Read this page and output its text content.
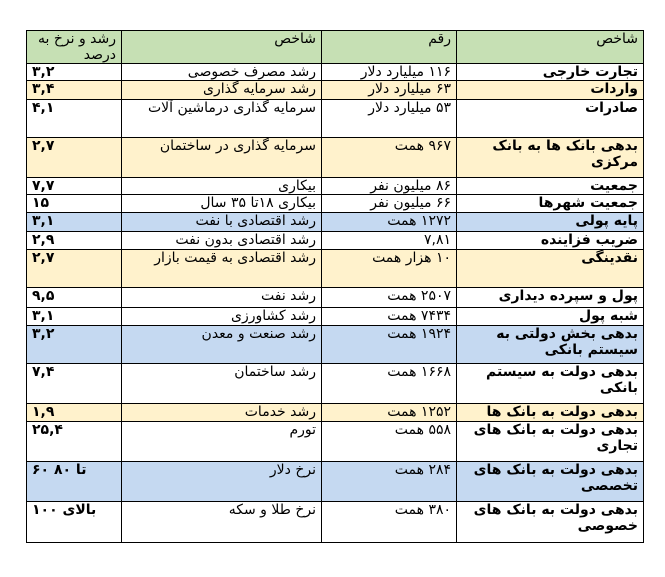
رشد و نرخ به درصد	شاخص	رقم	شاخص
۳,۲	رشد مصرف خصوصی	۱۱۶ میلیارد دلار	تجارت خارجی
۳,۴	رشد سرمایه گذاری	۶۳ میلیارد دلار	واردات
۴,۱	سرمایه گذاری درماشین آلات	۵۳ میلیارد دلار	صادرات
۲,۷	سرمایه گذاری در ساختمان	۹۶۷ همت	بدهی بانک ها به بانک مرکزی
۷,۷	بیکاری	۸۶ میلیون نفر	جمعیت
۱۵	بیکاری ۱۸تا ۳۵ سال	۶۶ میلیون نفر	جمعیت شهرها
۳,۱	رشد اقتصادی با نفت	۱۲۷۲ همت	پایه پولی
۲,۹	رشد اقتصادی بدون نفت	۷,۸۱	ضریب فزاینده
۲,۷	رشد اقتصادی به قیمت بازار	۱۰ هزار همت	نقدینگی
۹,۵	رشد نفت	۲۵۰۷ همت	پول و سپرده دیداری
۳,۱	رشد کشاورزی	۷۴۳۴ همت	شبه پول
۳,۲	رشد صنعت و معدن	۱۹۲۴ همت	بدهی بخش دولتی به سیستم بانکی
۷,۴	رشد ساختمان	۱۶۶۸ همت	بدهی دولت به سیستم بانکی
۱,۹	رشد خدمات	۱۲۵۲ همت	بدهی دولت به بانک ها
۲۵,۴	تورم	۵۵۸ همت	بدهی دولت به بانک های تجاری
۶۰ تا ۸۰	نرخ دلار	۲۸۴ همت	بدهی دولت به بانک های تخصصی
بالای ۱۰۰	نرخ طلا و سکه	۳۸۰ همت	بدهی دولت به بانک های خصوصی
